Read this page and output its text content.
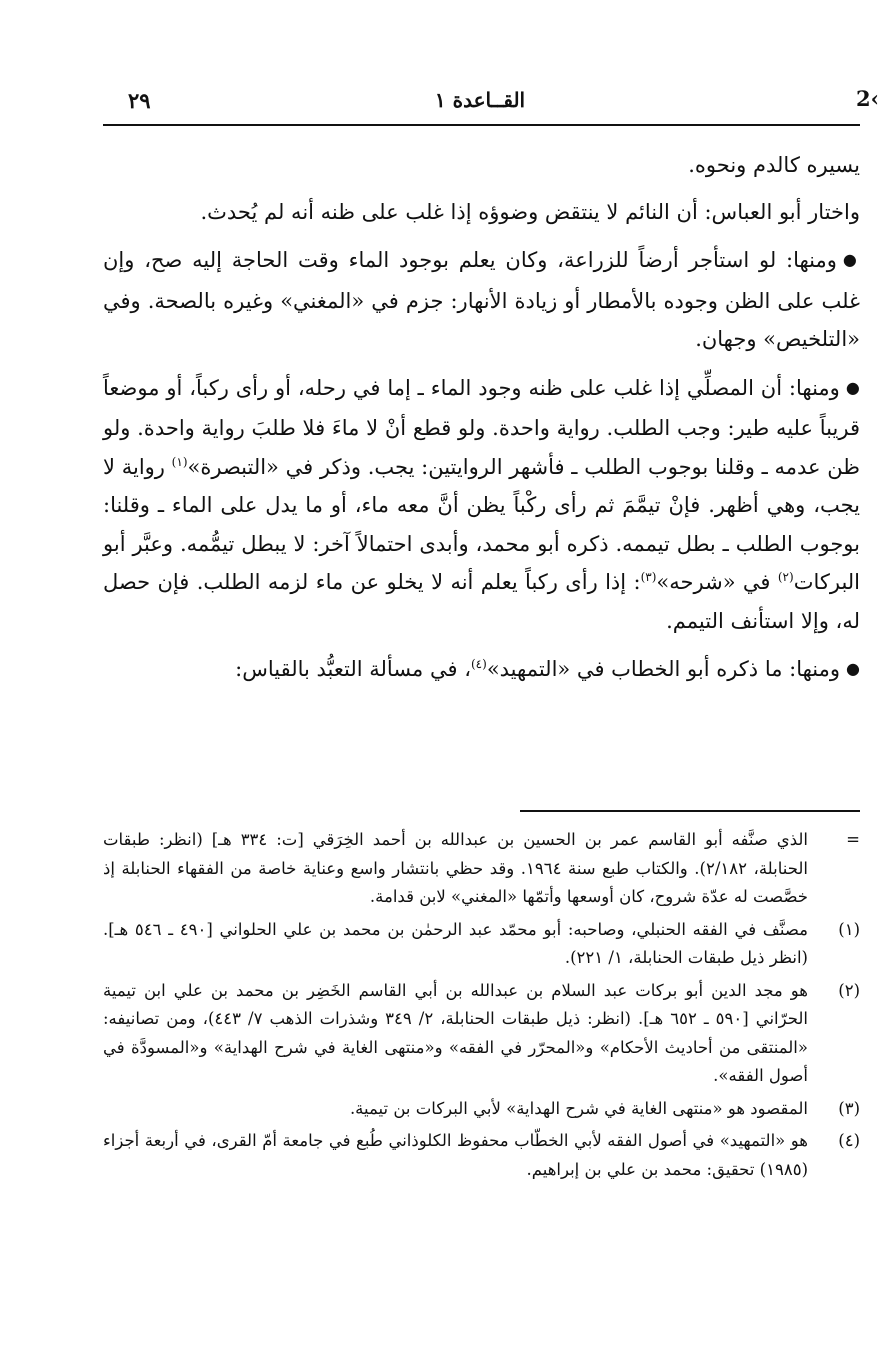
2‹
القــاعدة ١
٢٩

يسيره كالدم ونحوه.

واختار أبو العباس: أن النائم لا ينتقض وضوؤه إذا غلب على ظنه أنه لم يُحدث.

●ومنها: لو استأجر أرضاً للزراعة، وكان يعلم بوجود الماء وقت الحاجة إليه صح، وإن غلب على الظن وجوده بالأمطار أو زيادة الأنهار: جزم في «المغني» وغيره بالصحة. وفي «التلخيص» وجهان.

●ومنها: أن المصلِّي إذا غلب على ظنه وجود الماء ـ إما في رحله، أو رأى ركباً، أو موضعاً قريباً عليه طير: وجب الطلب. رواية واحدة. ولو قطع أنْ لا ماءَ فلا طلبَ رواية واحدة. ولو ظن عدمه ـ وقلنا بوجوب الطلب ـ فأشهر الروايتين: يجب. وذكر في «التبصرة»$^{(١)}$ رواية لا يجب، وهي أظهر. فإنْ تيمَّمَ ثم رأى ركْباً يظن أنَّ معه ماء، أو ما يدل على الماء ـ وقلنا: بوجوب الطلب ـ بطل تيممه. ذكره أبو محمد، وأبدى احتمالاً آخر: لا يبطل تيمُّمه. وعبَّر أبو البركات$^{(٢)}$ في «شرحه»$^{(٣)}$: إذا رأى ركباً يعلم أنه لا يخلو عن ماء لزمه الطلب. فإن حصل له، وإلا استأنف التيمم.

●ومنها: ما ذكره أبو الخطاب في «التمهيد»$^{(٤)}$، في مسألة التعبُّد بالقياس:

=
الذي صنَّفه أبو القاسم عمر بن الحسين بن عبدالله بن أحمد الخِرَقي [ت: ٣٣٤ هـ] (انظر: طبقات الحنابلة، ٢/١٨٢). والكتاب طبع سنة ١٩٦٤. وقد حظي بانتشار واسع وعناية خاصة من الفقهاء الحنابلة إذ خصَّصت له عدّة شروح، كان أوسعها وأتمّها «المغني» لابن قدامة.
(١)
مصنَّف في الفقه الحنبلي، وصاحبه: أبو محمّد عبد الرحمٰن بن محمد بن علي الحلواني [٤٩٠ ـ ٥٤٦ هـ]. (انظر ذيل طبقات الحنابلة، ١/ ٢٢١).
(٢)
هو مجد الدين أبو بركات عبد السلام بن عبدالله بن أبي القاسم الخَضِر بن محمد بن علي ابن تيمية الحرّاني [٥٩٠ ـ ٦٥٢ هـ]. (انظر: ذيل طبقات الحنابلة، ٢/ ٣٤٩ وشذرات الذهب ٧/ ٤٤٣)، ومن تصانيفه: «المنتقى من أحاديث الأحكام» و«المحرّر في الفقه» و«منتهى الغاية في شرح الهداية» و«المسودَّة في أصول الفقه».
(٣)
المقصود هو «منتهى الغاية في شرح الهداية» لأبي البركات بن تيمية.
(٤)
هو «التمهيد» في أصول الفقه لأبي الخطّاب محفوظ الكلوذاني طُبع في جامعة أمّ القرى، في أربعة أجزاء (١٩٨٥) تحقيق: محمد بن علي بن إبراهيم.
